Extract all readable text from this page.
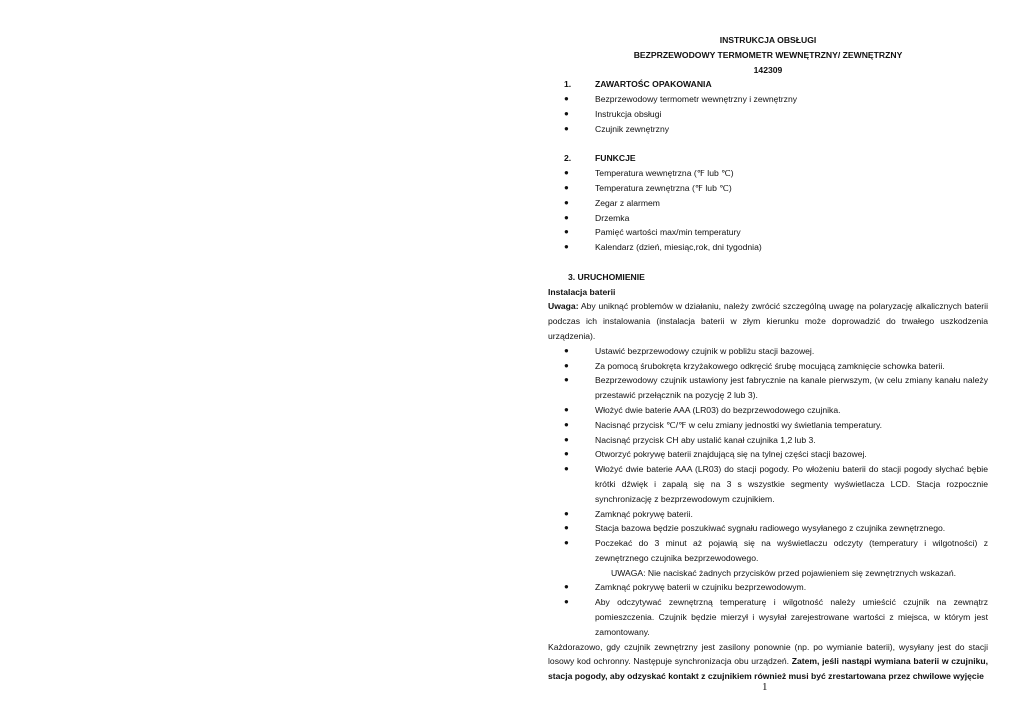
INSTRUKCJA OBSŁUGI
BEZPRZEWODOWY TERMOMETR WEWNĘTRZNY/ ZEWNĘTRZNY
142309
1.	ZAWARTOŚC OPAKOWANIA
● Bezprzewodowy termometr wewnętrzny i zewnętrzny
● Instrukcja obsługi
● Czujnik zewnętrzny
2.	FUNKCJE
● Temperatura wewnętrzna (℉ lub ℃)
● Temperatura zewnętrzna (℉ lub ℃)
● Zegar z alarmem
● Drzemka
● Pamięć wartości max/min temperatury
● Kalendarz (dzień, miesiąc,rok, dni tygodnia)
3. URUCHOMIENIE
Instalacja baterii
Uwaga: Aby uniknąć problemów w działaniu, należy zwrócić szczególną uwagę na polaryzację alkalicznych baterii podczas ich instalowania (instalacja baterii w złym kierunku może doprowadzić do trwałego uszkodzenia urządzenia).
● Ustawić bezprzewodowy czujnik w pobliżu stacji bazowej.
● Za pomocą śrubokręta krzyżakowego odkręcić śrubę mocującą zamknięcie schowka baterii.
● Bezprzewodowy czujnik ustawiony jest fabrycznie na kanale pierwszym, (w celu zmiany kanału należy przestawić przełącznik na pozycję 2 lub 3).
● Włożyć dwie baterie AAA (LR03) do bezprzewodowego czujnika.
● Nacisnąć przycisk ℃/℉ w celu zmiany jednostki wy świetlania temperatury.
● Nacisnąć przycisk CH aby ustalić kanał czujnika 1,2 lub 3.
● Otworzyć pokrywę baterii znajdującą się na tylnej części stacji bazowej.
● Włożyć dwie baterie AAA (LR03) do stacji pogody. Po włożeniu baterii do stacji pogody słychać bębie krótki dźwięk i zapalą się na 3 s wszystkie segmenty wyświetlacza LCD. Stacja rozpocznie synchronizację z bezprzewodowym czujnikiem.
● Zamknąć pokrywę baterii.
● Stacja bazowa będzie poszukiwać sygnału radiowego wysyłanego z czujnika zewnętrznego.
● Poczekać do 3 minut aż pojawią się na wyświetlaczu odczyty (temperatury i wilgotności) z zewnętrznego czujnika bezprzewodowego.
UWAGA: Nie naciskać żadnych przycisków przed pojawieniem się zewnętrznych wskazań.
● Zamknąć pokrywę baterii w czujniku bezprzewodowym.
● Aby odczytywać zewnętrzną temperaturę i wilgotność należy umieścić czujnik na zewnątrz pomieszczenia. Czujnik będzie mierzył i wysyłał zarejestrowane wartości z miejsca, w którym jest zamontowany.
Każdorazowo, gdy czujnik zewnętrzny jest zasilony ponownie (np. po wymianie baterii), wysyłany jest do stacji losowy kod ochronny. Następuje synchronizacja obu urządzeń. Zatem, jeśli nastąpi wymiana baterii w czujniku, stacja pogody, aby odzyskać kontakt z czujnikiem również musi być zrestartowana przez chwilowe wyjęcie
1
